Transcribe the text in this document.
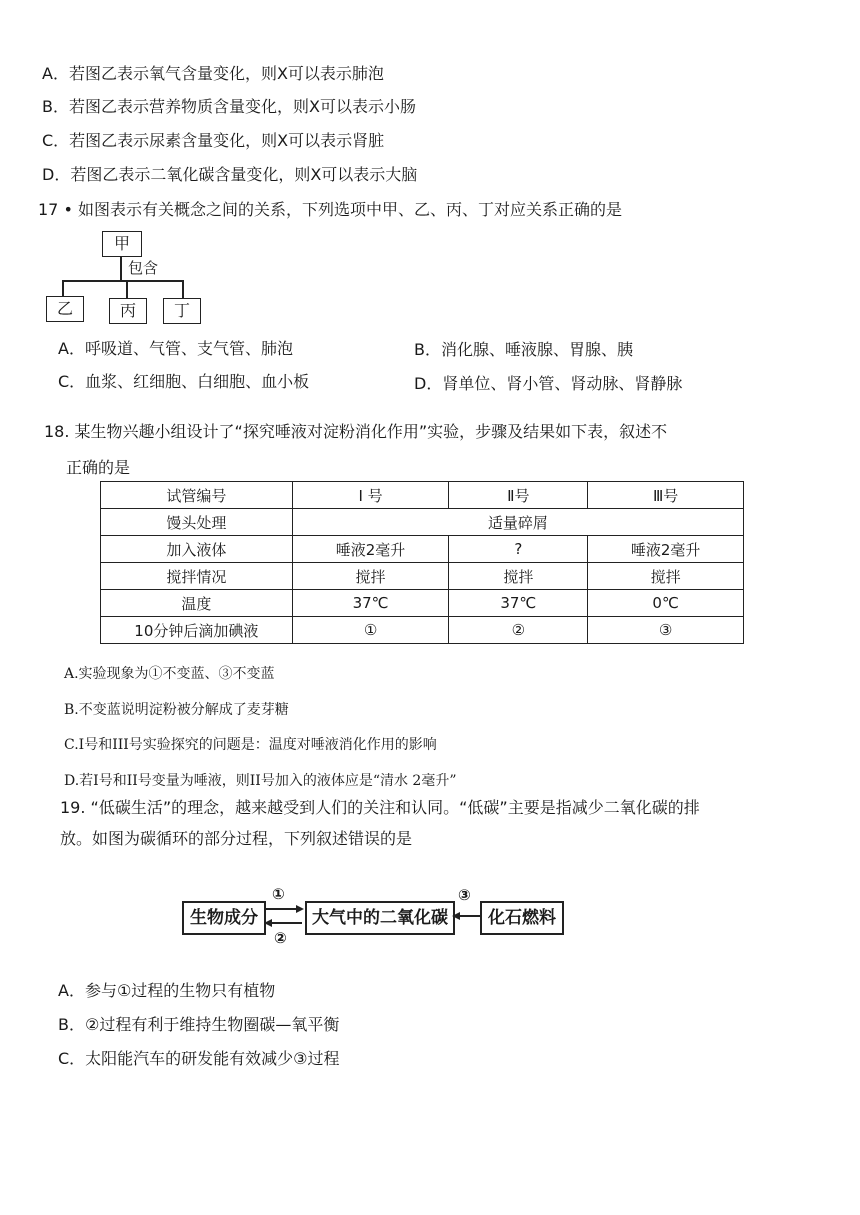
A．若图乙表示氧气含量变化，则X可以表示肺泡
B．若图乙表示营养物质含量变化，则X可以表示小肠
C．若图乙表示尿素含量变化，则X可以表示肾脏
D．若图乙表示二氧化碳含量变化，则X可以表示大脑
17 • 如图表示有关概念之间的关系，下列选项中甲、乙、丙、丁对应关系正确的是
甲
包含
乙	丙	丁
A．呼吸道、气管、支气管、肺泡	B．消化腺、唾液腺、胃腺、胰
C．血浆、红细胞、白细胞、血小板	D．肾单位、肾小管、肾动脉、肾静脉
18. 某生物兴趣小组设计了“探究唾液对淀粉消化作用”实验，步骤及结果如下表，叙述不
正确的是
试管编号	Ⅰ 号	Ⅱ号	Ⅲ号
馒头处理	适量碎屑		
加入液体	唾液2毫升	?	唾液2毫升
搅拌情况	搅拌	搅拌	搅拌
温度	37℃	37℃	0℃
10分钟后滴加碘液	①	②	③
A.实验现象为①不变蓝、③不变蓝
B.不变蓝说明淀粉被分解成了麦芽糖
C.I号和III号实验探究的问题是：温度对唾液消化作用的影响
D.若I号和II号变量为唾液，则II号加入的液体应是“清水 2毫升”
19. “低碳生活”的理念，越来越受到人们的关注和认同。“低碳”主要是指减少二氧化碳的排
放。如图为碳循环的部分过程，下列叙述错误的是
生物成分	大气中的二氧化碳	化石燃料
①
②
③
A．参与①过程的生物只有植物
B．②过程有利于维持生物圈碳—氧平衡
C．太阳能汽车的研发能有效减少③过程
